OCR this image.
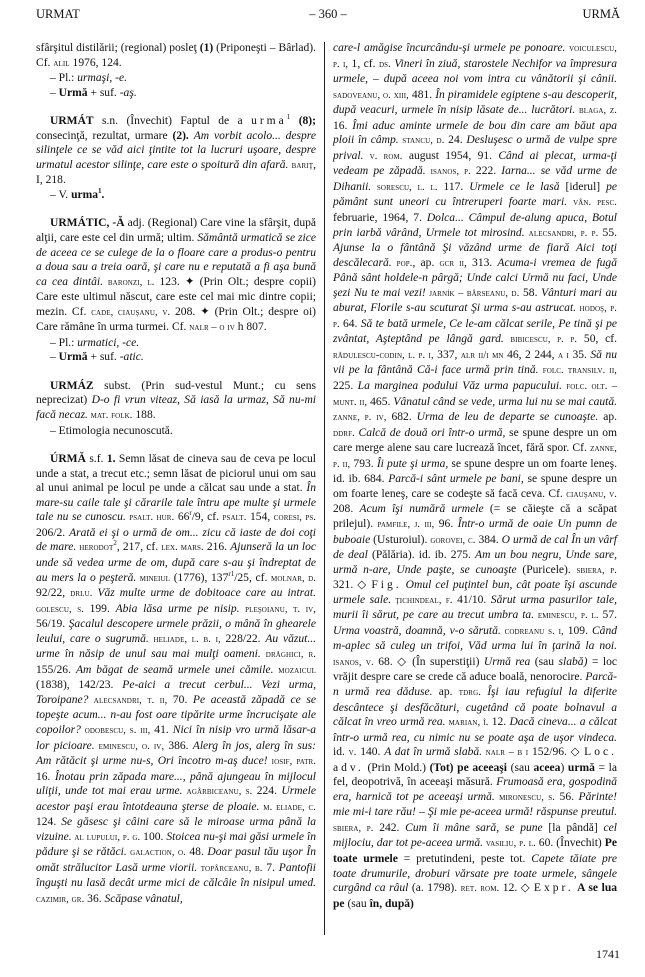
URMAT	– 360 –	URMĂ

sfârşitul distilării; (regional) posleţ (1) (Priponeşti – Bârlad). Cf. alil 1976, 124.

– Pl.: urmaşi, -e.

– Urmă + suf. -aş.

URMÁT s.n. (Învechit) Faptul de a urma$^1$ (8); consecinţă, rezultat, urmare (2). Am vorbit acolo... despre silinţele ce se văd aici ţintite tot la lucruri uşoare, despre urmatul acestor silinţe, care este o spoitură din afară. bariţ, I, 218.

– V. urma$^1$.

URMÁTIC, -Ă adj. (Regional) Care vine la sfârşit, după alţii, care este cel din urmă; ultim. Sământă urmatică se zice de aceea ce se culege de la o floare care a produs-o pentru a doua sau a treia oară, şi care nu e reputată a fi aşa bună ca cea dintâi. baronzi, l. 123. ✦ (Prin Olt.; despre copii) Care este ultimul născut, care este cel mai mic dintre copii; mezin. Cf. cade, ciauşanu, v. 208. ✦ (Prin Olt.; despre oi) Care rămâne în urma turmei. Cf. nalr – o iv h 807.

– Pl.: urmatici, -ce.

– Urmă + suf. -atic.

URMÁZ subst. (Prin sud-vestul Munt.; cu sens neprecizat) D-o fi vrun viteaz, Să iasă la urmaz, Să nu-mi facă necaz. mat. folk. 188.

– Etimologia necunoscută.

ÚRMĂ s.f. 1. Semn lăsat de cineva sau de ceva pe locul unde a stat, a trecut etc.; semn lăsat de piciorul unui om sau al unui animal pe locul pe unde a călcat sau unde a stat. În mare-su caile tale şi cărarile tale întru ape multe şi urmele tale nu se cunoscu. psalt. hur. 66$^r$/9, cf. psalt. 154, coresi, ps. 206/2. Arată ei şi o urmă de om... zicu că iaste de doi coţi de mare. herodot$^2$, 217, cf. lex. mars. 216. Ajunseră la un loc unde să vedea urme de om, după care s-au şi îndreptat de au mers la o peşteră. mineiul (1776), $137^{r1}/25$, cf. molnar, d. 92/22, drlu. Văz multe urme de dobitoace care au intrat. golescu, s. 199. Abia lăsa urme pe nisip. pleşoianu, t. iv, 56/19. Şacalul descopere urmele prăzii, o mână în ghearele leului, care o sugrumă. heliade, l. b. i, 228/22. Au văzut... urme în năsip de unul sau mai mulţi oameni. drăghici, r. 155/26. Am băgat de seamă urmele unei cămile. mozaicul (1838), 142/23. Pe-aici a trecut cerbul... Vezi urma, Toroipane? alecsandri, t. ii, 70. Pe această zăpadă ce se topeşte acum... n-au fost oare tipărite urme încrucişate ale copoilor? odobescu, s. iii, 41. Nici în nisip vro urmă lăsar-a lor picioare. eminescu, o. iv, 386. Alerg în jos, alerg în sus: Am rătăcit şi urme nu-s, Ori încotro m-aş duce! iosif, patr. 16. Înotau prin zăpada mare..., până ajungeau în mijlocul uliţii, unde tot mai erau urme. agârbiceanu, s. 224. Urmele acestor paşi erau întotdeauna şterse de ploaie. m. eliade, c. 124. Se găsesc şi câini care să le miroase urma până la vizuine. al lupului, p. g. 100. Stoicea nu-şi mai găsi urmele în pădure şi se rătăci. galaction, o. 48. Doar pasul tău uşor În omăt strălucitor Lasă urme viorii. topârceanu, b. 7. Pantofii înguşti nu lasă decât urme mici de călcâie în nisipul umed. cazimir, gr. 36. Scăpase vânatul,

care-l amăgise încurcându-şi urmele pe ponoare. voiculescu, p. i, 1, cf. ds. Vineri în ziuă, starostele Nechifor va împresura urmele, – după aceea noi vom intra cu vânătorii şi cânii. sadoveanu, o. xiii, 481. În piramidele egiptene s-au descoperit, după veacuri, urmele în nisip lăsate de... lucrători. blaga, z. 16. Îmi aduc aminte urmele de bou din care am băut apa ploii în câmp. stancu, d. 24. Desluşesc o urmă de vulpe spre prival. v. rom. august 1954, 91. Când ai plecat, urma-ţi vedeam pe zăpadă. isanos, p. 222. Iarna... se văd urme de Dihanii. sorescu, l. l. 117. Urmele ce le lasă [iderul] pe pământ sunt uneori cu întreruperi foarte mari. vân. pesc. februarie, 1964, 7. Dolca... Câmpul de-alung apuca, Botul prin iarbă vârând, Urmele tot mirosind. alecsandri, p. p. 55. Ajunse la o fântână Şi văzând urme de fiară Aici toţi descălecară. pop., ap. gcr ii, 313. Acuma-i vremea de fugă Până sânt holdele-n pârgă; Unde calci Urmă nu faci, Unde şezi Nu te mai vezi! jarník – bârseanu, d. 58. Vânturi mari au aburat, Florile s-au scuturat Şi urma s-au astrucat. hodoş, p. p. 64. Să te bată urmele, Ce le-am călcat serile, Pe tină şi pe zvântat, Aşteptând pe lângă gard. bibicescu, p. p. 50, cf. rădulescu-codin, l. p. i, 337, alr ii/i mn 46, 2 244, a i 35. Să nu vii pe la fântână Că-i face urmă prin tină. folc. transilv. ii, 225. La marginea podului Văz urma papucului. folc. olt. – munt. ii, 465. Vânatul când se vede, urma lui nu se mai caută. zanne, p. iv, 682. Urma de leu de departe se cunoaşte. ap. ddrf. Calcă de două ori într-o urmă, se spune despre un om care merge alene sau care lucrează încet, fără spor. Cf. zanne, p. ii, 793. Îi pute şi urma, se spune despre un om foarte leneş. id. ib. 684. Parcă-i sânt urmele pe bani, se spune despre un om foarte leneş, care se codeşte să facă ceva. Cf. ciauşanu, v. 208. Acum îşi numără urmele (= se căieşte că a scăpat prilejul). pamfile, j. iii, 96. Într-o urmă de oaie Un pumn de buboaie (Usturoiul). gorovei, c. 384. O urmă de cal În un vârf de deal (Pălăria). id. ib. 275. Am un bou negru, Unde sare, urmă n-are, Unde paşte, se cunoaşte (Puricele). sbiera, p. 321. ◇ Fig. Omul cel puţintel bun, cât poate îşi ascunde urmele sale. ţichindeal, f. 41/10. Sărut urma pasurilor tale, murii îi sărut, pe care au trecut umbra ta. eminescu, p. l. 57. Urma voastră, doamnă, v-o sărută. codreanu s. i, 109. Când m-aplec să culeg un trifoi, Văd urma lui în ţarină la noi. isanos, v. 68. ◇ (În superstiţii) Urmă rea (sau slabă) = loc vrăjit despre care se crede că aduce boală, nenorocire. Parcă-n urmă rea dăduse. ap. tdrg. Îşi iau refugiul la diferite descântece şi desfăcături, cugetând că poate bolnavul a călcat în vreo urmă rea. marian, î. 12. Dacă cineva... a călcat într-o urmă rea, cu nimic nu se poate aşa de uşor vindeca. id. v. 140. A dat în urmă slabă. nalr – b i 152/96. ◇ Loc. adv. (Prin Mold.) (Tot) pe aceeaşi (sau aceea) urmă = la fel, deopotrivă, în aceeaşi măsură. Frumoasă era, gospodină era, harnică tot pe aceeaşi urmă. mironescu, s. 56. Părinte! mie mi-i tare rău! – Şi mie pe-aceea urmă! răspunse preutul. sbiera, p. 242. Cum îi mâne sară, se pune [la pândă] cel mijlociu, dar tot pe-aceea urmă. vasiliu, p. l. 60. (Învechit) Pe toate urmele = pretutindeni, peste tot. Capete tăiate pre toate drumurile, droburi vărsate pre toate urmele, sângele curgând ca râul (a. 1798). ret. rom. 12. ◇ Expr. A se lua pe (sau în, după)

1741
